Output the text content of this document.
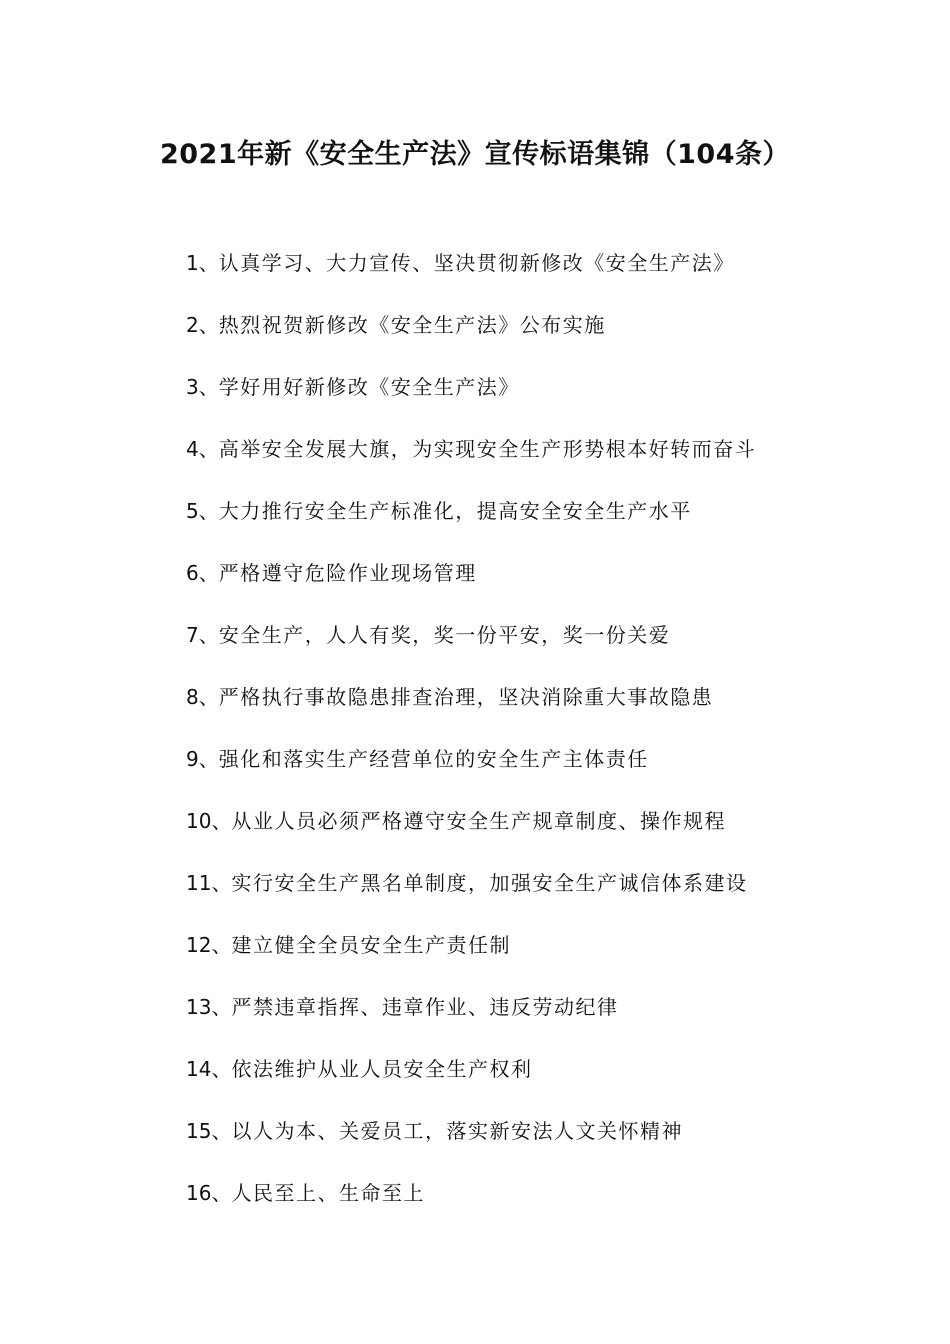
2021年新《安全生产法》宣传标语集锦（104条）
1、认真学习、大力宣传、坚决贯彻新修改《安全生产法》
2、热烈祝贺新修改《安全生产法》公布实施
3、学好用好新修改《安全生产法》
4、高举安全发展大旗，为实现安全生产形势根本好转而奋斗
5、大力推行安全生产标准化，提高安全安全生产水平
6、严格遵守危险作业现场管理
7、安全生产，人人有奖，奖一份平安，奖一份关爱
8、严格执行事故隐患排查治理，坚决消除重大事故隐患
9、强化和落实生产经营单位的安全生产主体责任
10、从业人员必须严格遵守安全生产规章制度、操作规程
11、实行安全生产黑名单制度，加强安全生产诚信体系建设
12、建立健全全员安全生产责任制
13、严禁违章指挥、违章作业、违反劳动纪律
14、依法维护从业人员安全生产权利
15、以人为本、关爱员工，落实新安法人文关怀精神
16、人民至上、生命至上
